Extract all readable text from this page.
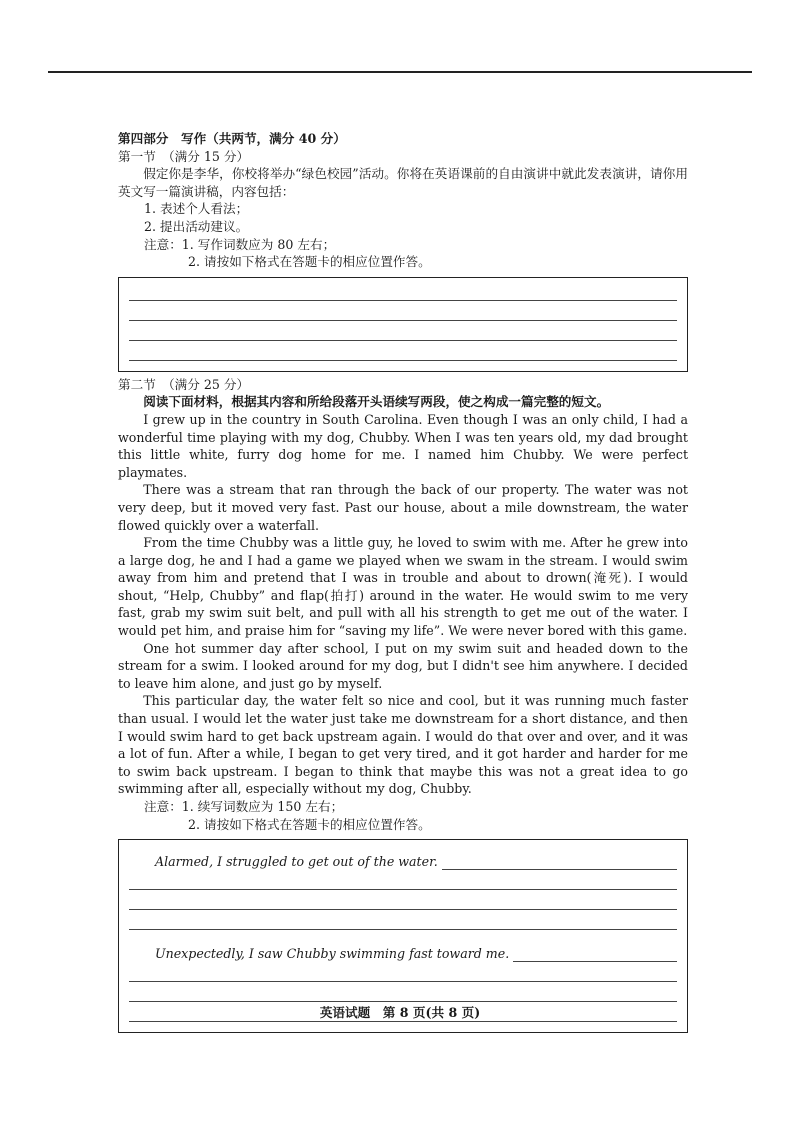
第四部分　写作（共两节，满分 40 分）

第一节　（满分 15 分）

假定你是李华，你校将举办“绿色校园”活动。你将在英语课前的自由演讲中就此发表演讲，请你用英文写一篇演讲稿，内容包括：

1. 表述个人看法；

2. 提出活动建议。

注意：1. 写作词数应为 80 左右；

2. 请按如下格式在答题卡的相应位置作答。

第二节　（满分 25 分）

阅读下面材料，根据其内容和所给段落开头语续写两段，使之构成一篇完整的短文。

I grew up in the country in South Carolina. Even though I was an only child, I had a wonderful time playing with my dog, Chubby. When I was ten years old, my dad brought this little white, furry dog home for me. I named him Chubby. We were perfect playmates.

There was a stream that ran through the back of our property. The water was not very deep, but it moved very fast. Past our house, about a mile downstream, the water flowed quickly over a waterfall.

From the time Chubby was a little guy, he loved to swim with me. After he grew into a large dog, he and I had a game we played when we swam in the stream. I would swim away from him and pretend that I was in trouble and about to drown(淹死). I would shout, “Help, Chubby” and flap(拍打) around in the water. He would swim to me very fast, grab my swim suit belt, and pull with all his strength to get me out of the water. I would pet him, and praise him for “saving my life”. We were never bored with this game.

One hot summer day after school, I put on my swim suit and headed down to the stream for a swim. I looked around for my dog, but I didn't see him anywhere. I decided to leave him alone, and just go by myself.

This particular day, the water felt so nice and cool, but it was running much faster than usual. I would let the water just take me downstream for a short distance, and then I would swim hard to get back upstream again. I would do that over and over, and it was a lot of fun. After a while, I began to get very tired, and it got harder and harder for me to swim back upstream. I began to think that maybe this was not a great idea to go swimming after all, especially without my dog, Chubby.

注意：1. 续写词数应为 150 左右；

2. 请按如下格式在答题卡的相应位置作答。

Alarmed, I struggled to get out of the water.
Unexpectedly, I saw Chubby swimming fast toward me.
英语试题　第 8 页(共 8 页)
